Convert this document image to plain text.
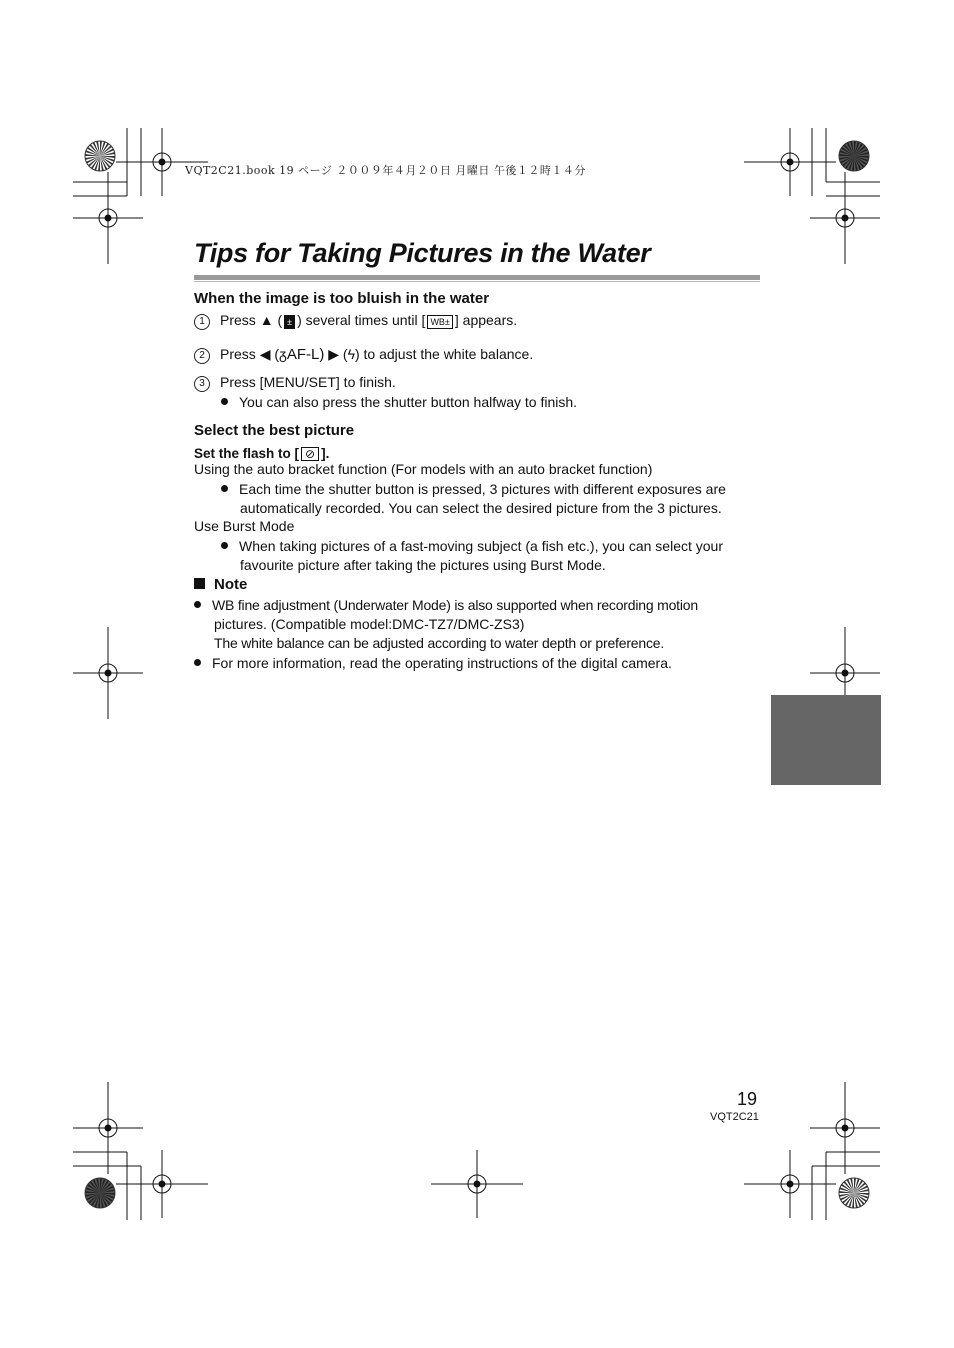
VQT2C21.book 19 ページ ２００９年４月２０日 月曜日 午後１２時１４分
Tips for Taking Pictures in the Water
When the image is too bluish in the water
1 Press ▲ ( ± ) several times until [ WB± ] appears.
2 Press ◀ (ᵹAF-L) ▶ (ϟ) to adjust the white balance.
3 Press [MENU/SET] to finish.
You can also press the shutter button halfway to finish.
Select the best picture
Set the flash to [ ⊘ ].
Using the auto bracket function (For models with an auto bracket function)
Each time the shutter button is pressed, 3 pictures with different exposures are
automatically recorded. You can select the desired picture from the 3 pictures.
Use Burst Mode
When taking pictures of a fast-moving subject (a fish etc.), you can select your
favourite picture after taking the pictures using Burst Mode.
Note
WB fine adjustment (Underwater Mode) is also supported when recording motion
pictures. (Compatible model:DMC-TZ7/DMC-ZS3)
The white balance can be adjusted according to water depth or preference.
For more information, read the operating instructions of the digital camera.
19
VQT2C21
